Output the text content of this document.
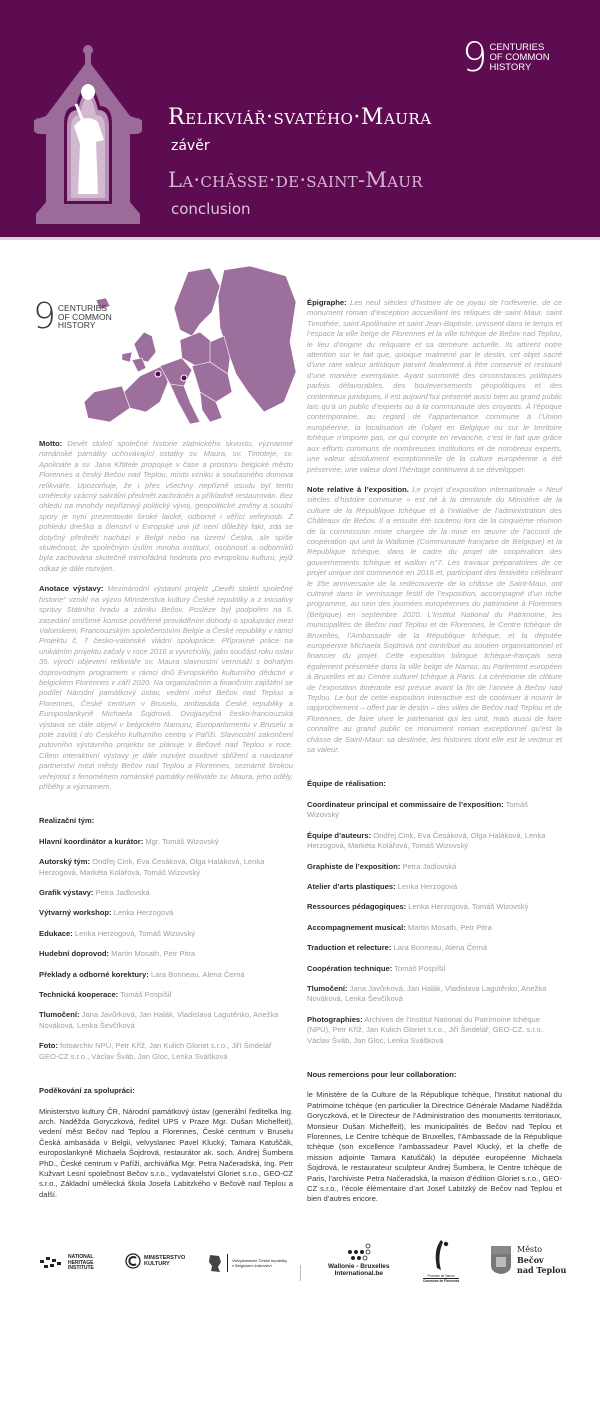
Relikviář·svatého·Maura
závěr
La·châsse·de·saint-Maur
conclusion
9 CENTURIES
OF COMMON
HISTORY
9 CENTURIES
OF COMMON
HISTORY

Motto: Devět století společné historie zlatnického skvostu, významné románské památky uchovávající ostatky sv. Maura, sv. Timoteje, sv. Apolináře a sv. Jana Křtitele propojuje v čase a prostoru belgické město Florennes a český Bečov nad Teplou, místo vzniku a současného domova relikviáře. Upozorňuje, že i přes všechny nepřízně osudu byl tento umělecky vzácný sakrální předmět zachráněn a příkladně restaurován. Bez ohledu na mnohdy nepříznivý politický vývoj, geopolitické změny a soudní spory je nyní prezentován široké laické, odborné i věřící veřejnosti. Z pohledu dneška a členství v Evropské unii již není důležitý fakt, zda se dotyčný předmět nachází v Belgii nebo na území Česka, ale spíše skutečnost, že společným úsilím mnoha institucí, osobností a odborníků byla zachována skutečně mimořádná hodnota pro evropskou kulturu, jejíž odkaz je dále rozvíjen.

Anotace výstavy: Mezinárodní výstavní projekt „Devět století společné historie“ vznikl na výzvu Ministerstva kultury České republiky a z iniciativy správy Státního hradu a zámku Bečov. Posléze byl podpořen na 5. zasedání smíšené komise pověřené prováděním dohody o spolupráci mezi Valonskem, Francouzským společenstvím Belgie a České republiky v rámci Projektu č. 7 česko-valonské vládní spolupráce. Přípravné práce na unikátním projektu začaly v roce 2016 a vyvrcholily, jako součást roku oslav 35. výročí objevení relikviáře sv. Maura slavnostní vernisáží s bohatým doprovodným programem v rámci dnů Evropského kulturního dědictví v belgickém Florennes v září 2020. Na organizačním a finančním zajištění se podílel Národní památkový ústav, vedení měst Bečov nad Teplou a Florennes, České centrum v Bruselu, ambasáda České republiky a Europoslankyně Michaela Šojdrová. Dvojjazyčná česko-francouzská výstava se dále objeví v belgickém Namuru, Europarlamentu v Bruselu a poté zavítá i do Českého kulturního centra v Paříži. Slavnostní zakončení putovního výstavního projektu se plánuje v Bečově nad Teplou v roce. Cílem interaktivní výstavy je dále rozvíjet osudové sblížení a navázané partnerství mezi městy Bečov nad Teplou a Florennes, seznámit širokou veřejnost s fenoménem románské památky relikviáře sv. Maura, jeho úděly, příběhy a významem.

Realizační tým:

Hlavní koordinátor a kurátor: Mgr. Tomáš Wizovský

Autorský tým: Ondřej Cink, Eva Česáková, Olga Haláková, Lenka Herzogová, Markéta Kolářová, Tomáš Wizovský

Grafik výstavy: Petra Jadlovská

Výtvarný workshop: Lenka Herzogová

Edukace: Lenka Herzogová, Tomáš Wizovský

Hudební doprovod: Martin Mosath, Petr Pitra

Překlady a odborné korektury: Lara Bonneau, Alena Černá

Technická kooperace: Tomáš Pospíšil

Tlumočení: Jana Javůrková, Jan Halák, Vladislava Lagutěnko, Anežka Nováková, Lenka Ševčíková

Foto: fotoarchiv NPÚ, Petr Kříž, Jan Kulich Gloriet s.r.o., Jiří Šindelář GEO-CZ s.r.o., Václav Šváb, Jan Gloc, Lenka Svášková

Poděkování za spolupráci:

Ministerstvo kultury ČR, Národní památkový ústav (generální ředitelka Ing. arch. Naděžda Goryczková, ředitel UPS v Praze Mgr. Dušan Michelfeit), vedení měst Bečov nad Teplou a Florennes, České centrum v Bruselu Česká ambasáda v Belgii, velvyslanec Pavel Klucký, Tamara Katuščák, europoslankyně Michaela Šojdrová, restaurátor ak. soch. Andrej Šumbera PhD., České centrum v Paříži, archivářka Mgr. Petra Načeradská, Ing. Petr Kužvart Lesní společnost Bečov s.r.o., vydavatelství Gloriet s.r.o., GEO-CZ s.r.o., Základní umělecká škola Josefa Labitzkého v Bečově nad Teplou a další.

Épigraphe: Les neuf siècles d’histoire de ce joyau de l’orfèvrerie, de ce monument roman d’exception accueillant les reliques de saint Maur, saint Timothée, saint Apollinaire et saint Jean-Baptiste, unissent dans le temps et l’espace la ville belge de Florennes et la ville tchèque de Bečov nad Teplou, le lieu d’origine du reliquaire et sa demeure actuelle. Ils attirent notre attention sur le fait que, quoique malmené par le destin, cet objet sacré d’une rare valeur artistique parvint finalement à être conservé et restauré d’une manière exemplaire. Ayant surmonté des circonstances politiques parfois défavorables, des bouleversements géopolitiques et des contentieux juridiques, il est aujourd’hui présenté aussi bien au grand public laïc qu’à un public d’experts ou à la communauté des croyants. À l’époque contemporaine, au regard de l’appartenance commune à l’Union européenne, la localisation de l’objet en Belgique ou sur le territoire tchèque n’importe pas, ce qui compte en revanche, c’est le fait que grâce aux efforts communs de nombreuses institutions et de nombreux experts, une valeur absolument exceptionnelle de la culture européenne a été préservée, une valeur dont l’héritage continuera à se développer.

Note relative à l’exposition. Le projet d’exposition internationale « Neuf siècles d’histoire commune » est né à la demande du Ministère de la culture de la République tchèque et à l’initiative de l’administration des Châteaux de Bečov. Il a ensuite été soutenu lors de la cinquième réunion de la commission mixte chargée de la mise en œuvre de l’accord de coopération qui unit la Wallonie (Communauté française de Belgique) et la République tchèque, dans le cadre du projet de coopération des gouvernements tchèque et wallon n°7. Les travaux préparatoires de ce projet unique ont commencé en 2016 et, participant des festivités célébrant le 35e anniversaire de la redécouverte de la châsse de Saint-Maur, ont culminé dans le vernissage festif de l’exposition, accompagné d’un riche programme, au sein des journées européennes du patrimoine à Florennes (Belgique) en septembre 2020. L’Institut National du Patrimoine, les municipalités de Bečov nad Teplou et de Florennes, le Centre tchèque de Bruxelles, l’Ambassade de la République tchèque, et la députée européenne Michaela Šojdrová ont contribué au soutien organisationnel et financier du projet. Cette exposition bilingue tchèque-français sera également présentée dans la ville belge de Namur, au Parlement européen à Bruxelles et au Centre culturel tchèque à Paris. La cérémonie de clôture de l’exposition itinérante est prévue avant la fin de l’année à Bečov nad Teplou. Le but de cette exposition interactive est de continuer à nourrir le rapprochement – offert par le destin – des villes de Bečov nad Teplou et de Florennes, de faire vivre le partenariat qui les unit, mais aussi de faire connaître au grand public ce monument roman exceptionnel qu’est la châsse de Saint-Maur: sa destinée, les histoires dont elle est le vecteur et sa valeur.

Équipe de réalisation:

Coordinateur principal et commissaire de l’exposition: Tomáš Wizovský

Équipe d’auteurs: Ondřej Cink, Eva Česáková, Olga Haláková, Lenka Herzogová, Markéta Kolářová, Tomáš Wizovský

Graphiste de l’exposition: Petra Jadlovská

Atelier d’arts plastiques: Lenka Herzogová

Ressources pédagogiques: Lenka Herzogová, Tomáš Wizovský

Accompagnement musical: Martin Mosath, Petr Pitra

Traduction et relecture: Lara Bonneau, Alena Černá

Coopération technique: Tomáš Pospíšil

Tlumočení: Jana Javůrková, Jan Halák, Vladislava Lagutěnko, Anežka Nováková, Lenka Ševčíková

Photographies: Archives de l’Institut National du Patrimoine tchèque (NPÚ), Petr Kříž, Jan Kulich Gloriet s.r.o., Jiří Šindelář, GEO-CZ. s.r.o., Václav Šváb, Jan Gloc, Lenka Svášková

Nous remercions pour leur collaboration:

le Ministère de la Culture de la République tchèque, l’Institut national du Patrimoine tchèque (en particulier la Directrice Générale Madame Naděžda Goryczková, et le Directeur de l’Administration des monuments territoriaux, Monsieur Dušan Michelfeit), les municipalités de Bečov nad Teplou et Florennes, Le Centre tchèque de Bruxelles, l’Ambassade de la République tchèque (son excellence l’ambassadeur Pavel Klucký, et la cheffe de mission adjointe Tamara Katuščák) la députée européenne Michaela Šojdrová, le restaurateur sculpteur Andrej Šumbera, le Centre tchèque de Paris, l’archiviste Petra Načeradská, la maison d’édition Gloriet s.r.o., GEO-CZ s.r.o., l’école élémentaire d’art Josef Labitzký de Bečov nad Teplou et bien d’autres encore.

NATIONAL
HERITAGE
INSTITUTE
MINISTERSTVO
KULTURY
Velvyslanectví České republiky
v Belgickém království	Wallonie - Bruxelles
International.be	Province de Namur
Commune de Florennes
Město
Bečov
nad Teplou
